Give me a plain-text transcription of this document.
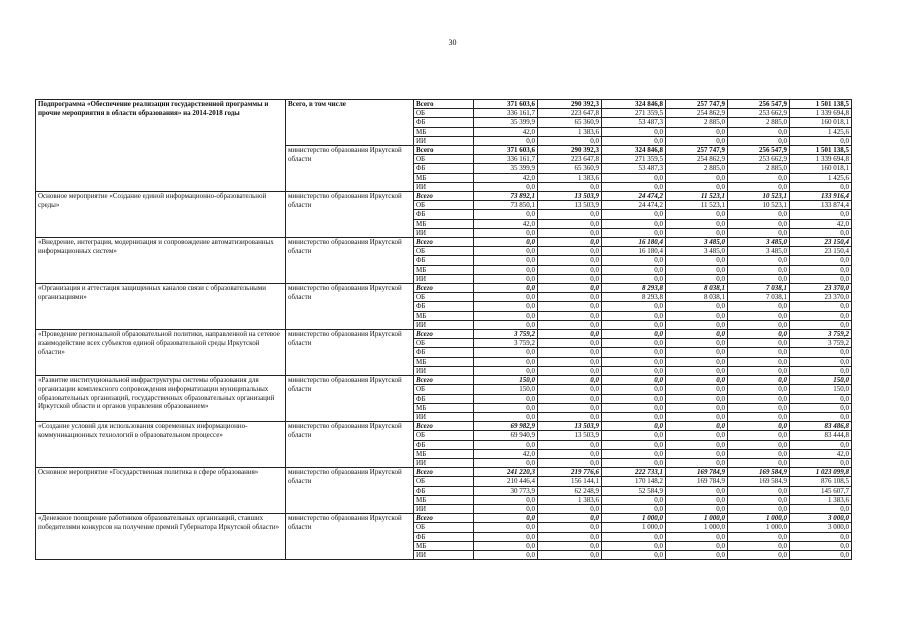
30
Подпрограмма «Обеспечение реализации государственной программы и прочие мероприятия в области образования» на 2014-2018 годы	Всего, в том числе	Всего	371 603,6	290 392,3	324 846,8	257 747,9	256 547,9	1 501 138,5
		ОБ	336 161,7	223 647,8	271 359,5	254 862,9	253 662,9	1 339 694,8
		ФБ	35 399,9	65 360,9	53 487,3	2 885,0	2 885,0	160 018,1
		МБ	42,0	1 383,6	0,0	0,0	0,0	1 425,6
		ИИ	0,0	0,0	0,0	0,0	0,0	0,0
	министерство образования Иркутской области	Всего	371 603,6	290 392,3	324 846,8	257 747,9	256 547,9	1 501 138,5
		ОБ	336 161,7	223 647,8	271 359,5	254 862,9	253 662,9	1 339 694,8
		ФБ	35 399,9	65 360,9	53 487,3	2 885,0	2 885,0	160 018,1
		МБ	42,0	1 383,6	0,0	0,0	0,0	1 425,6
		ИИ	0,0	0,0	0,0	0,0	0,0	0,0
Основное мероприятие «Создание единой информационно-образовательной среды»	министерство образования Иркутской области	Всего	73 892,1	13 503,9	24 474,2	11 523,1	10 523,1	133 916,4
		ОБ	73 850,1	13 503,9	24 474,2	11 523,1	10 523,1	133 874,4
		ФБ	0,0	0,0	0,0	0,0	0,0	0,0
		МБ	42,0	0,0	0,0	0,0	0,0	42,0
		ИИ	0,0	0,0	0,0	0,0	0,0	0,0
«Внедрение, интеграция, модернизация и сопровождение автоматизированных информационных систем»	министерство образования Иркутской области	Всего	0,0	0,0	16 180,4	3 485,0	3 485,0	23 150,4
		ОБ	0,0	0,0	16 180,4	3 485,0	3 485,0	23 150,4
		ФБ	0,0	0,0	0,0	0,0	0,0	0,0
		МБ	0,0	0,0	0,0	0,0	0,0	0,0
		ИИ	0,0	0,0	0,0	0,0	0,0	0,0
«Организация и аттестация защищенных каналов связи с образовательными организациями»	министерство образования Иркутской области	Всего	0,0	0,0	8 293,8	8 038,1	7 038,1	23 370,0
		ОБ	0,0	0,0	8 293,8	8 038,1	7 038,1	23 370,0
		ФБ	0,0	0,0	0,0	0,0	0,0	0,0
		МБ	0,0	0,0	0,0	0,0	0,0	0,0
		ИИ	0,0	0,0	0,0	0,0	0,0	0,0
«Проведение региональной образовательной политики, направленной на сетевое взаимодействие всех субъектов единой образовательной среды Иркутской области»	министерство образования Иркутской области	Всего	3 759,2	0,0	0,0	0,0	0,0	3 759,2
		ОБ	3 759,2	0,0	0,0	0,0	0,0	3 759,2
		ФБ	0,0	0,0	0,0	0,0	0,0	0,0
		МБ	0,0	0,0	0,0	0,0	0,0	0,0
		ИИ	0,0	0,0	0,0	0,0	0,0	0,0
«Развитие институциональной инфраструктуры системы образования для организации комплексного сопровождения информатизации муниципальных образовательных организаций, государственных образовательных организаций Иркутской области и органов управления образованием»	министерство образования Иркутской области	Всего	150,0	0,0	0,0	0,0	0,0	150,0
		ОБ	150,0	0,0	0,0	0,0	0,0	150,0
		ФБ	0,0	0,0	0,0	0,0	0,0	0,0
		МБ	0,0	0,0	0,0	0,0	0,0	0,0
		ИИ	0,0	0,0	0,0	0,0	0,0	0,0
«Создание условий для использования современных информационно-коммуникационных технологий в образовательном процессе»	министерство образования Иркутской области	Всего	69 982,9	13 503,9	0,0	0,0	0,0	83 486,8
		ОБ	69 940,9	13 503,9	0,0	0,0	0,0	83 444,8
		ФБ	0,0	0,0	0,0	0,0	0,0	0,0
		МБ	42,0	0,0	0,0	0,0	0,0	42,0
		ИИ	0,0	0,0	0,0	0,0	0,0	0,0
Основное мероприятие «Государственная политика в сфере образования»	министерство образования Иркутской области	Всего	241 220,3	219 776,6	222 733,1	169 784,9	169 584,9	1 023 099,8
		ОБ	210 446,4	156 144,1	170 148,2	169 784,9	169 584,9	876 108,5
		ФБ	30 773,9	62 248,9	52 584,9	0,0	0,0	145 607,7
		МБ	0,0	1 383,6	0,0	0,0	0,0	1 383,6
		ИИ	0,0	0,0	0,0	0,0	0,0	0,0
«Денежное поощрение работников образовательных организаций, ставших победителями конкурсов на получение премий Губернатора Иркутской области»	министерство образования Иркутской области	Всего	0,0	0,0	1 000,0	1 000,0	1 000,0	3 000,0
		ОБ	0,0	0,0	1 000,0	1 000,0	1 000,0	3 000,0
		ФБ	0,0	0,0	0,0	0,0	0,0	0,0
		МБ	0,0	0,0	0,0	0,0	0,0	0,0
		ИИ	0,0	0,0	0,0	0,0	0,0	0,0
